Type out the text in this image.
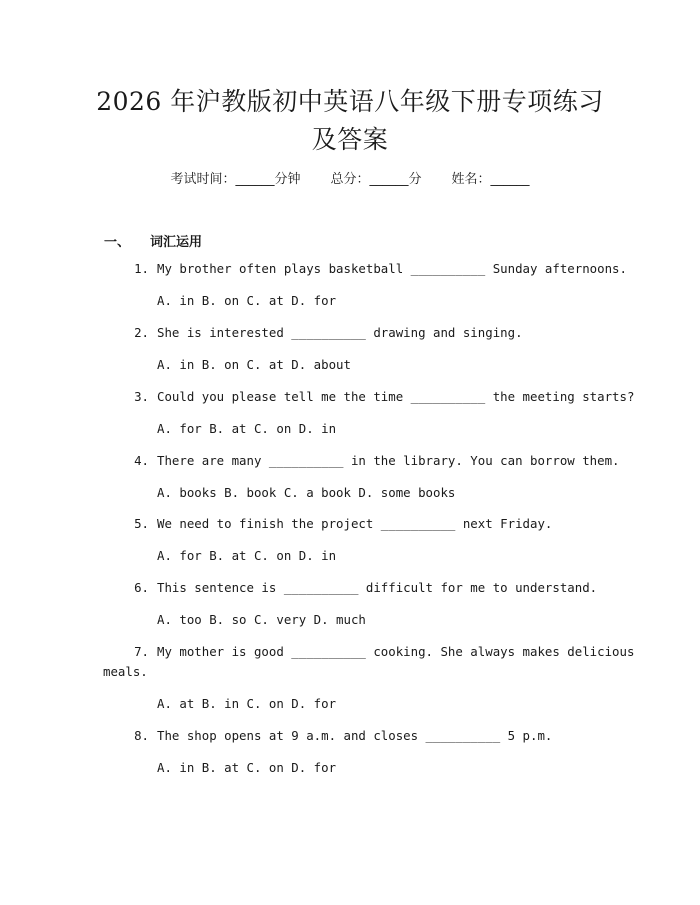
2026 年沪教版初中英语八年级下册专项练习
及答案
考试时间：______分钟 总分：______分 姓名：______
一、 词汇运用
1. My brother often plays basketball __________ Sunday afternoons.
A. in B. on C. at D. for
2. She is interested __________ drawing and singing.
A. in B. on C. at D. about
3. Could you please tell me the time __________ the meeting starts?
A. for B. at C. on D. in
4. There are many __________ in the library. You can borrow them.
A. books B. book C. a book D. some books
5. We need to finish the project __________ next Friday.
A. for B. at C. on D. in
6. This sentence is __________ difficult for me to understand.
A. too B. so C. very D. much
7. My mother is good __________ cooking. She always makes delicious
meals.
A. at B. in C. on D. for
8. The shop opens at 9 a.m. and closes __________ 5 p.m.
A. in B. at C. on D. for
